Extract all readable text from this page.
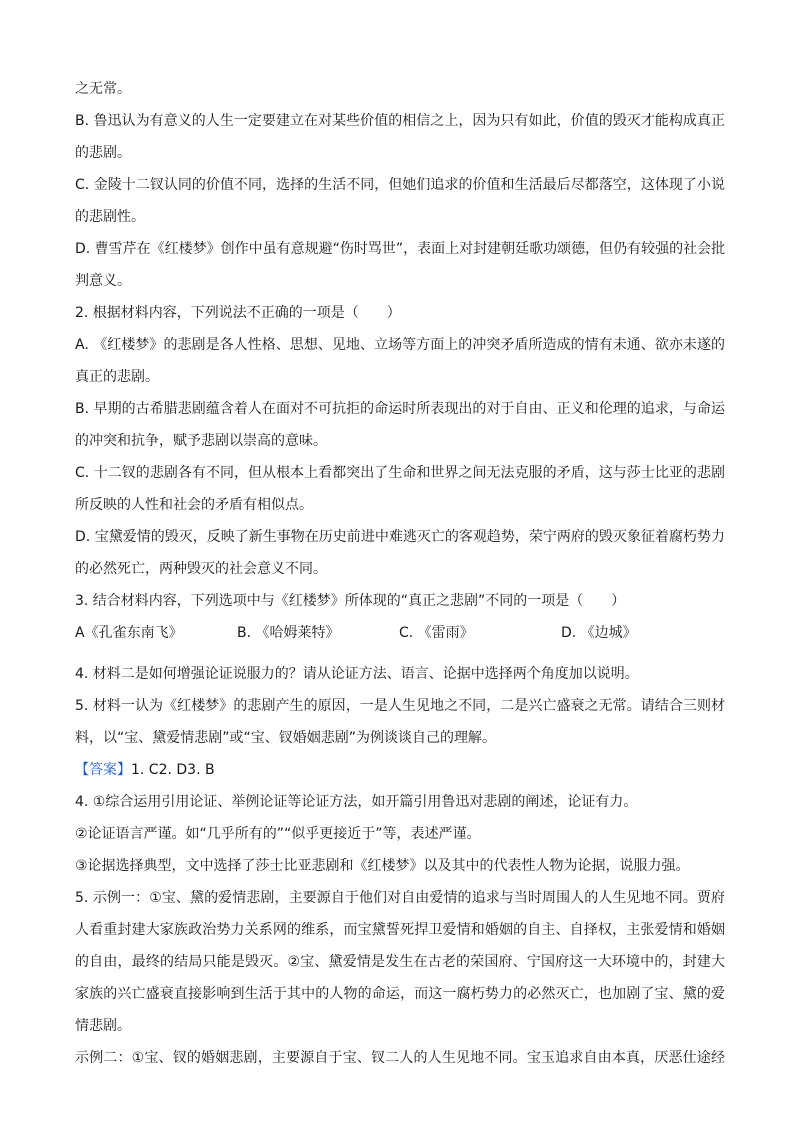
之无常。
B. 鲁迅认为有意义的人生一定要建立在对某些价值的相信之上，因为只有如此，价值的毁灭才能构成真正
的悲剧。
C. 金陵十二钗认同的价值不同，选择的生活不同，但她们追求的价值和生活最后尽都落空，这体现了小说
的悲剧性。
D. 曹雪芹在《红楼梦》创作中虽有意规避“伤时骂世”，表面上对封建朝廷歌功颂德，但仍有较强的社会批
判意义。
2. 根据材料内容，下列说法不正确的一项是（　　）
A. 《红楼梦》的悲剧是各人性格、思想、见地、立场等方面上的冲突矛盾所造成的情有未通、欲亦未遂的
真正的悲剧。
B. 早期的古希腊悲剧蕴含着人在面对不可抗拒的命运时所表现出的对于自由、正义和伦理的追求，与命运
的冲突和抗争，赋予悲剧以崇高的意味。
C. 十二钗的悲剧各有不同，但从根本上看都突出了生命和世界之间无法克服的矛盾，这与莎士比亚的悲剧
所反映的人性和社会的矛盾有相似点。
D. 宝黛爱情的毁灭，反映了新生事物在历史前进中难逃灭亡的客观趋势，荣宁两府的毁灭象征着腐朽势力
的必然死亡，两种毁灭的社会意义不同。
3. 结合材料内容，下列选项中与《红楼梦》所体现的“真正之悲剧”不同的一项是（　　）
A《孔雀东南飞》	B. 《哈姆莱特》	C. 《雷雨》	D. 《边城》
4. 材料二是如何增强论证说服力的？请从论证方法、语言、论据中选择两个角度加以说明。
5. 材料一认为《红楼梦》的悲剧产生的原因，一是人生见地之不同，二是兴亡盛衰之无常。请结合三则材
料，以“宝、黛爱情悲剧”或“宝、钗婚姻悲剧”为例谈谈自己的理解。
【答案】1. C2. D3. B
4. ①综合运用引用论证、举例论证等论证方法，如开篇引用鲁迅对悲剧的阐述，论证有力。
②论证语言严谨。如“几乎所有的”“似乎更接近于”等，表述严谨。
③论据选择典型，文中选择了莎士比亚悲剧和《红楼梦》以及其中的代表性人物为论据，说服力强。
5. 示例一：①宝、黛的爱情悲剧，主要源自于他们对自由爱情的追求与当时周围人的人生见地不同。贾府
人看重封建大家族政治势力关系网的维系，而宝黛誓死捍卫爱情和婚姻的自主、自择权，主张爱情和婚姻
的自由，最终的结局只能是毁灭。②宝、黛爱情是发生在古老的荣国府、宁国府这一大环境中的，封建大
家族的兴亡盛衰直接影响到生活于其中的人物的命运，而这一腐朽势力的必然灭亡，也加剧了宝、黛的爱
情悲剧。
示例二：①宝、钗的婚姻悲剧，主要源自于宝、钗二人的人生见地不同。宝玉追求自由本真，厌恶仕途经
